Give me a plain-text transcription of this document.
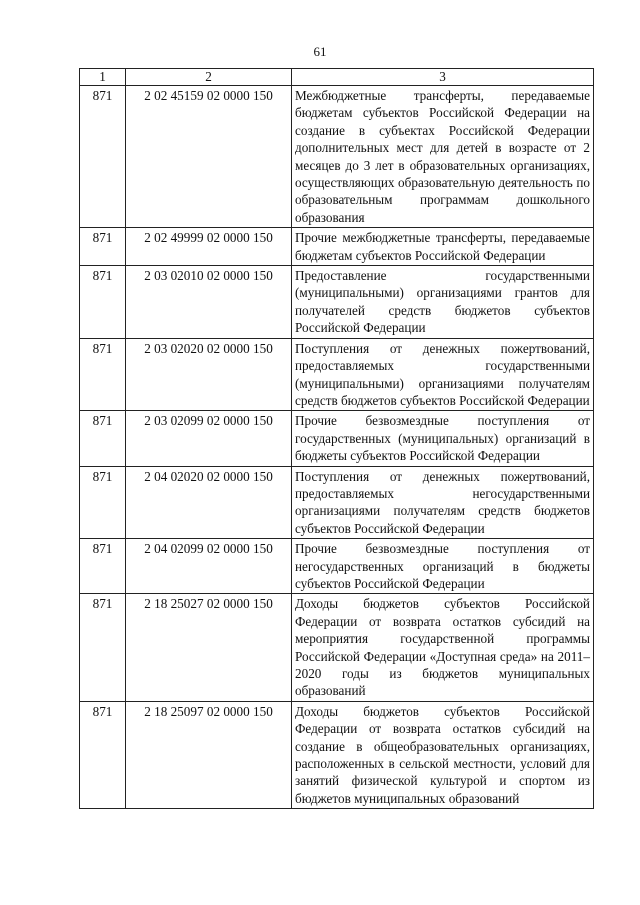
61
1	2	3
871	2 02 45159 02 0000 150	Межбюджетные трансферты, передаваемые бюджетам субъектов Российской Федерации на создание в субъектах Российской Федерации дополнительных мест для детей в возрасте от 2 месяцев до 3 лет в образовательных организациях, осуществляющих образовательную деятельность по образовательным программам дошкольного образования
871	2 02 49999 02 0000 150	Прочие межбюджетные трансферты, передаваемые бюджетам субъектов Российской Федерации
871	2 03 02010 02 0000 150	Предоставление государственными (муниципальными) организациями грантов для получателей средств бюджетов субъектов Российской Федерации
871	2 03 02020 02 0000 150	Поступления от денежных пожертвований, предоставляемых государственными (муниципальными) организациями получателям средств бюджетов субъектов Российской Федерации
871	2 03 02099 02 0000 150	Прочие безвозмездные поступления от государственных (муниципальных) организаций в бюджеты субъектов Российской Федерации
871	2 04 02020 02 0000 150	Поступления от денежных пожертвований, предоставляемых негосударственными организациями получателям средств бюджетов субъектов Российской Федерации
871	2 04 02099 02 0000 150	Прочие безвозмездные поступления от негосударственных организаций в бюджеты субъектов Российской Федерации
871	2 18 25027 02 0000 150	Доходы бюджетов субъектов Российской Федерации от возврата остатков субсидий на мероприятия государственной программы Российской Федерации «Доступная среда» на 2011–2020 годы из бюджетов муниципальных образований
871	2 18 25097 02 0000 150	Доходы бюджетов субъектов Российской Федерации от возврата остатков субсидий на создание в общеобразовательных организациях, расположенных в сельской местности, условий для занятий физической культурой и спортом из бюджетов муниципальных образований
